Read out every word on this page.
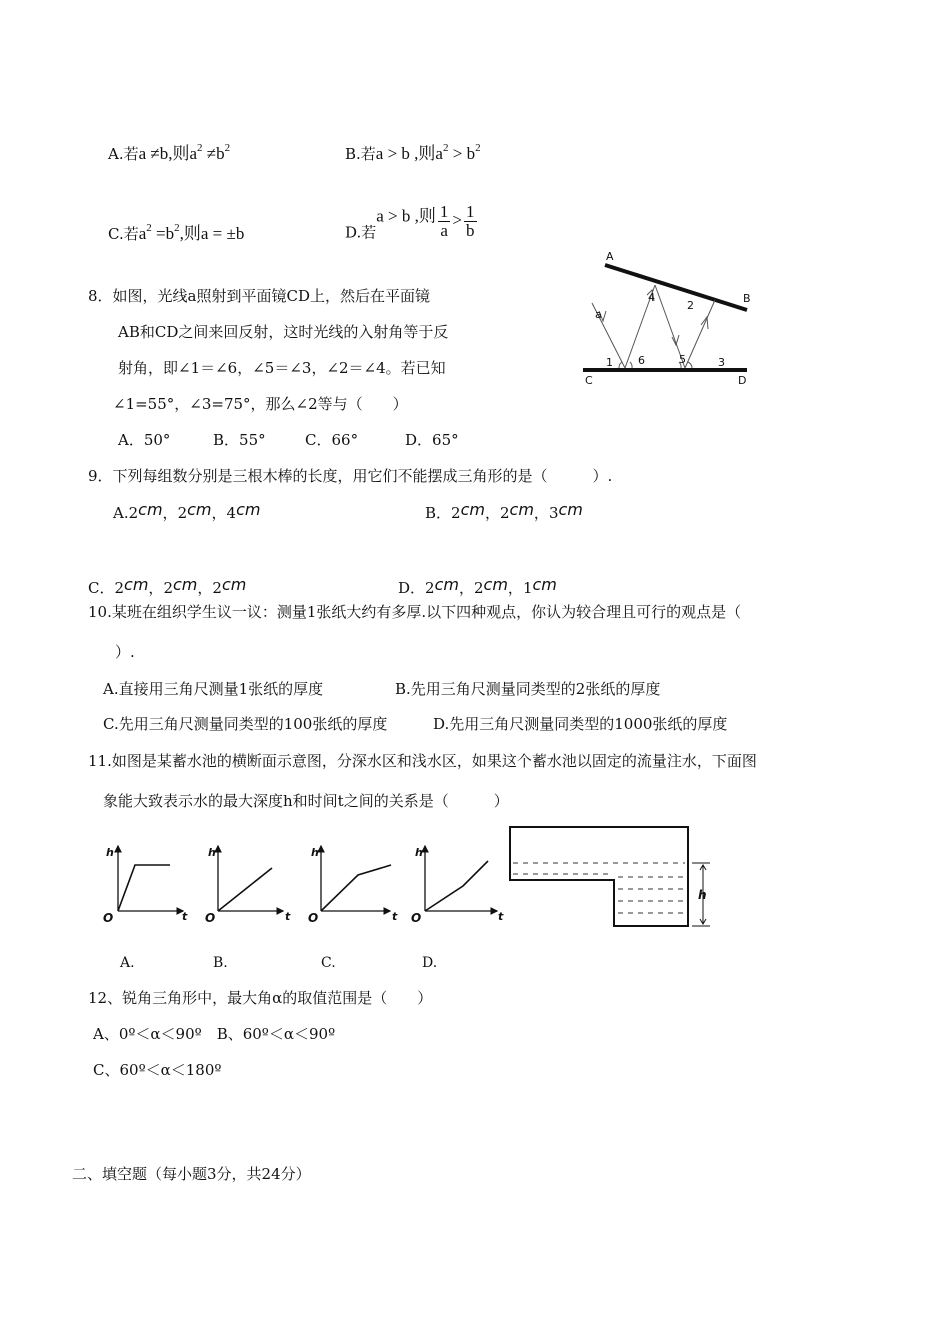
A.若a ≠b,则$a^2 \ne b^2$	B.若a > b ,则$a^2 > b^2$
C.若$a^2 =b^2$,则a = ±b	D.若a > b ,则 $\frac{1}{a} > \frac{1}{b}$
8．如图，光线a照射到平面镜CD上，然后在平面镜
AB和CD之间来回反射，这时光线的入射角等于反
射角，即∠1＝∠6，∠5＝∠3，∠2＝∠4。若已知
∠1=55°，∠3=75°，那么∠2等与（　　）
A．50°	B．55°	C．66°	D．65°
A
B
C	D
a
1
2
3
4
5
6
9．下列每组数分别是三根木棒的长度，用它们不能摆成三角形的是（　　　）.
A.2cm，2cm，4cm	B．2cm，2cm，3cm
C．2cm，2cm，2cm	D．2cm，2cm，1cm
10.某班在组织学生议一议：测量1张纸大约有多厚.以下四种观点，你认为较合理且可行的观点是（
）.
A.直接用三角尺测量1张纸的厚度	B.先用三角尺测量同类型的2张纸的厚度
C.先用三角尺测量同类型的100张纸的厚度	D.先用三角尺测量同类型的1000张纸的厚度
11.如图是某蓄水池的横断面示意图，分深水区和浅水区，如果这个蓄水池以固定的流量注水，下面图
象能大致表示水的最大深度h和时间t之间的关系是（　　　）
h
t
O
h
t
O
h
t
O
h
t
O
h
A.	B.	C.	D.
12、锐角三角形中，最大角α的取值范围是（　　）
A、0º＜α＜90º　B、60º＜α＜90º
C、60º＜α＜180º
二、填空题（每小题3分，共24分）
